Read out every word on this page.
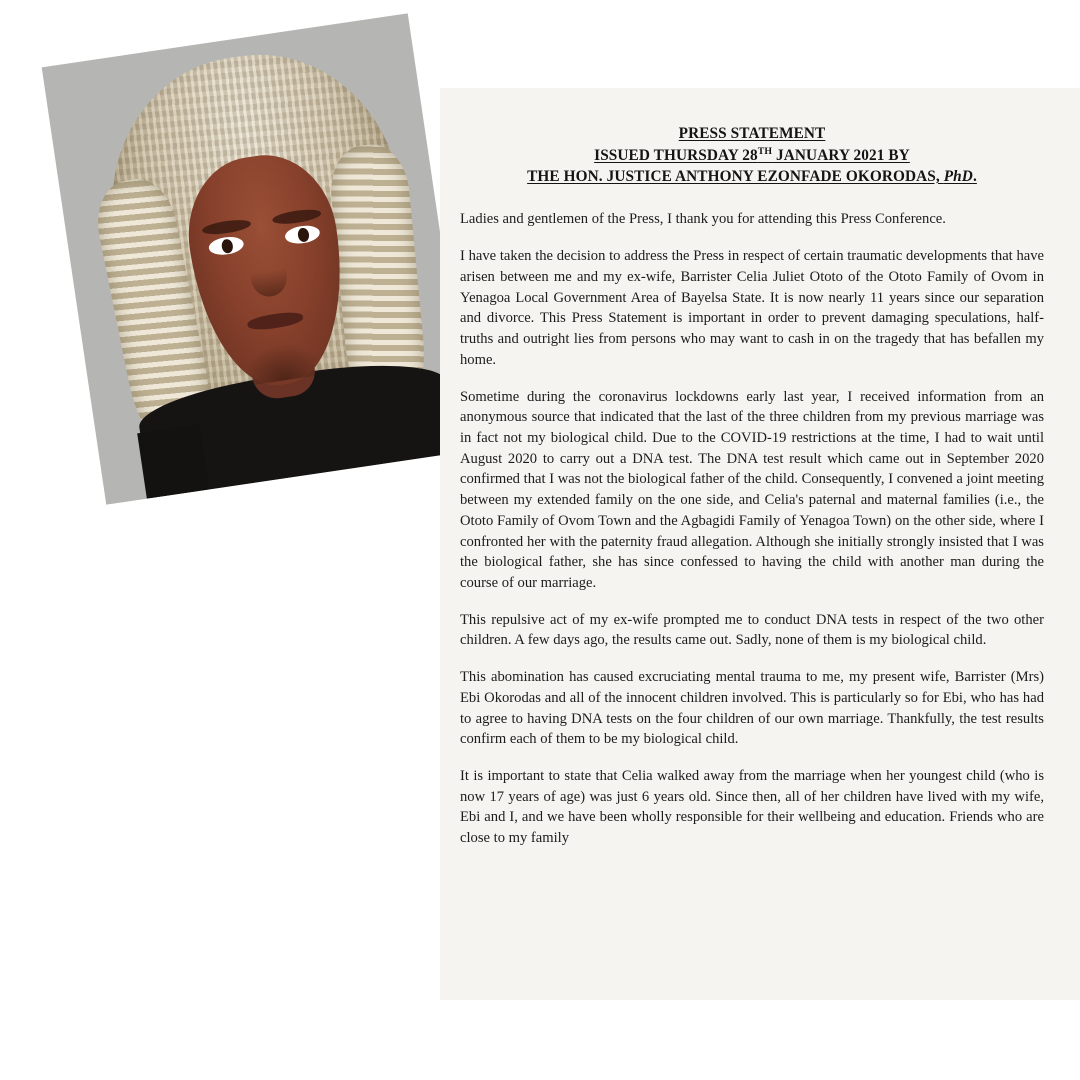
PRESS STATEMENT
ISSUED THURSDAY 28TH JANUARY 2021 BY
THE HON. JUSTICE ANTHONY EZONFADE OKORODAS, PhD.

Ladies and gentlemen of the Press, I thank you for attending this Press Conference.

I have taken the decision to address the Press in respect of certain traumatic developments that have arisen between me and my ex-wife, Barrister Celia Juliet Ototo of the Ototo Family of Ovom in Yenagoa Local Government Area of Bayelsa State. It is now nearly 11 years since our separation and divorce. This Press Statement is important in order to prevent damaging speculations, half-truths and outright lies from persons who may want to cash in on the tragedy that has befallen my home.

Sometime during the coronavirus lockdowns early last year, I received information from an anonymous source that indicated that the last of the three children from my previous marriage was in fact not my biological child. Due to the COVID-19 restrictions at the time, I had to wait until August 2020 to carry out a DNA test. The DNA test result which came out in September 2020 confirmed that I was not the biological father of the child. Consequently, I convened a joint meeting between my extended family on the one side, and Celia's paternal and maternal families (i.e., the Ototo Family of Ovom Town and the Agbagidi Family of Yenagoa Town) on the other side, where I confronted her with the paternity fraud allegation. Although she initially strongly insisted that I was the biological father, she has since confessed to having the child with another man during the course of our marriage.

This repulsive act of my ex-wife prompted me to conduct DNA tests in respect of the two other children. A few days ago, the results came out. Sadly, none of them is my biological child.

This abomination has caused excruciating mental trauma to me, my present wife, Barrister (Mrs) Ebi Okorodas and all of the innocent children involved. This is particularly so for Ebi, who has had to agree to having DNA tests on the four children of our own marriage. Thankfully, the test results confirm each of them to be my biological child.

It is important to state that Celia walked away from the marriage when her youngest child (who is now 17 years of age) was just 6 years old. Since then, all of her children have lived with my wife, Ebi and I, and we have been wholly responsible for their wellbeing and education. Friends who are close to my family
